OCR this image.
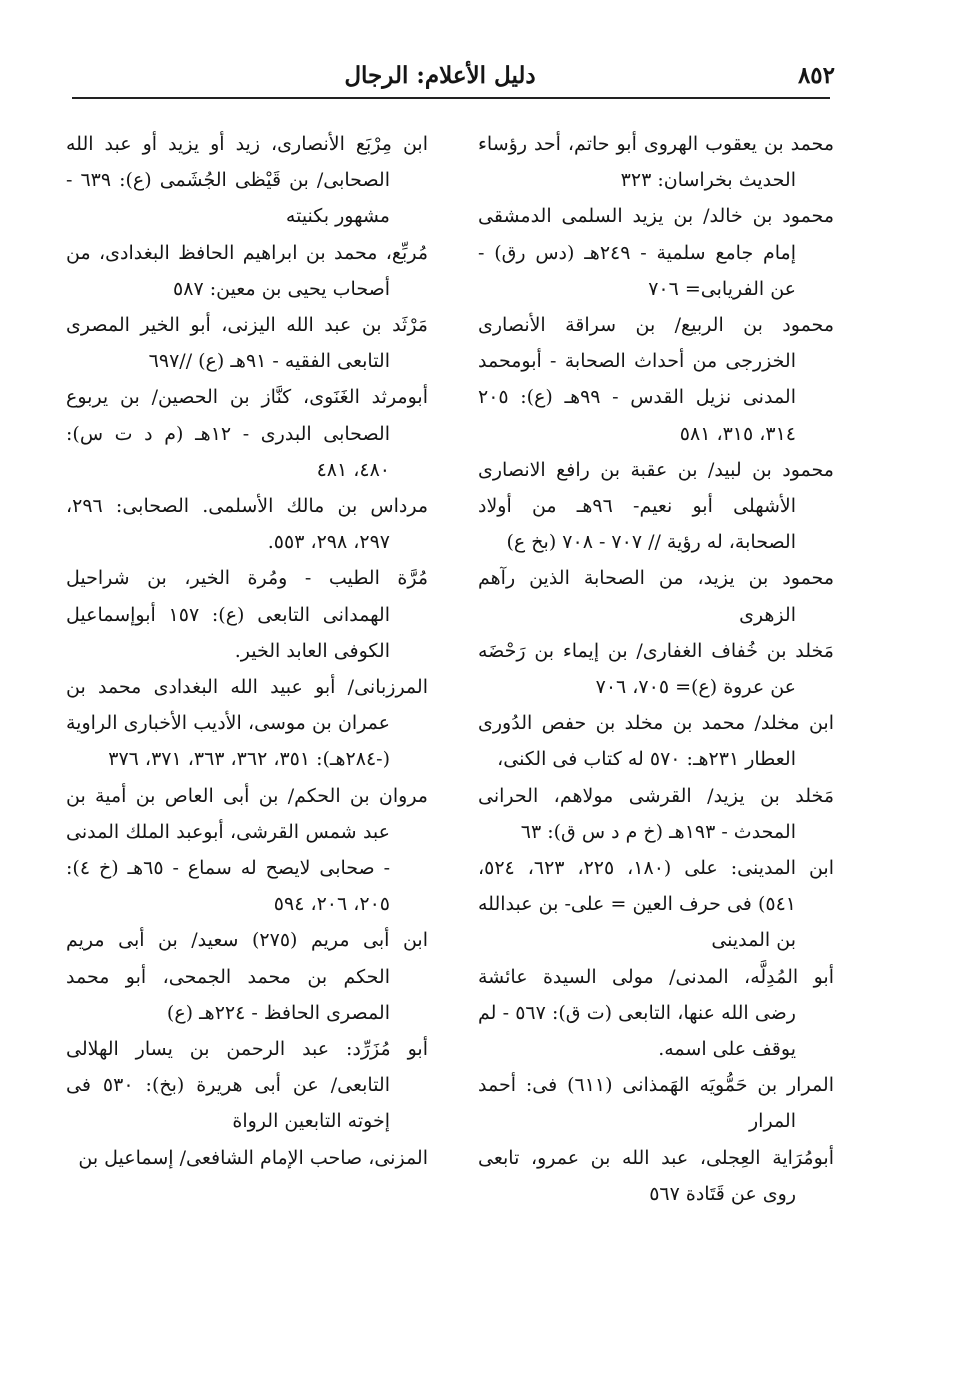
٨٥٢
دليل الأعلام: الرجال

محمد بن يعقوب الهروى أبو حاتم، أحد رؤساء الحديث بخراسان: ٣٢٣

محمود بن خالد/ بن يزيد السلمى الدمشقى إمام جامع سلمية - ٢٤٩هـ (دس رق) - عن الفريابى= ٧٠٦

محمود بن الربيع/ بن سراقة الأنصارى الخزرجى من أحداث الصحابة - أبومحمد المدنى نزيل القدس - ٩٩هـ (ع): ٢٠٥ ٣١٤، ٣١٥، ٥٨١

محمود بن لبيد/ بن عقبة بن رافع الانصارى الأشهلى أبو نعيم- ٩٦هـ من أولاد الصحابة، له رؤية // ٧٠٧ - ٧٠٨ (بخ ع)

محمود بن يزيد، من الصحابة الذين رآهم الزهرى

مَخلد بن خُفاف الغفارى/ بن إيماء بن رَحْضَه عن عروة (ع)= ٧٠٥، ٧٠٦

ابن مخلد/ محمد بن مخلد بن حفص الدُورى العطار ٢٣١هـ: ٥٧٠ له كتاب فى الكنى،

مَخلد بن يزيد/ القرشى مولاهم، الحرانى المحدث - ١٩٣هـ (خ م د س ق): ٦٣

ابن المدينى: على (١٨٠، ٢٢٥، ٦٢٣، ٥٢٤، ٥٤١) فى حرف العين = على- بن عبدالله بن المدينى

أبو المُدِلَّه، المدنى/ مولى السيدة عائشة رضى الله عنها، التابعى (ت ق): ٥٦٧ - لم يوقف على اسمه.

المرار بن حَمُّويَه الهَمذانى (٦١١) فى: أحمد المرار

أبومُرَاية العِجلى، عبد الله بن عمرو، تابعى روى عن قَتَادة ٥٦٧

ابن مِرْبَع الأنصارى، زيد أو يزيد أو عبد الله الصحابى/ بن قَيْظى الجُشَمى (ع): ٦٣٩ - مشهور بكنيته

مُربِّع، محمد بن ابراهيم الحافظ البغدادى، من أصحاب يحيى بن معين: ٥٨٧

مَرْثَد بن عبد الله اليزنى، أبو الخير المصرى التابعى الفقيه - ٩١هـ (ع) //٦٩٧

أبومرثد الغَنَوى، كنَّاز بن الحصين/ بن يربوع الصحابى البدرى - ١٢هـ (م د ت س): ٤٨٠، ٤٨١

مرداس بن مالك الأسلمى. الصحابى: ٢٩٦، ٢٩٧، ٢٩٨، ٥٥٣.

مُرَّة الطيب - ومُرة الخير، بن شراحيل الهمدانى التابعى (ع): ١٥٧ أبوإسماعيل الكوفى العابد الخير.

المرزبانى/ أبو عبيد الله البغدادى محمد بن عمران بن موسى، الأديب الأخبارى الراوية (-٢٨٤هـ): ٣٥١، ٣٦٢، ٣٦٣، ٣٧١، ٣٧٦

مروان بن الحكم/ بن أبى العاص بن أمية بن عبد شمس القرشى، أبوعبد الملك المدنى - صحابى لايصح له سماع - ٦٥هـ (خ ٤): ٢٠٥، ٢٠٦، ٥٩٤

ابن أبى مريم (٢٧٥) سعيد/ بن أبى مريم الحكم بن محمد الجمحى، أبو محمد المصرى الحافظ - ٢٢٤هـ (ع)

أبو مُزَرِّد: عبد الرحمن بن يسار الهلالى التابعى/ عن أبى هريرة (بخ): ٥٣٠ فى إخوته التابعين الرواة

المزنى، صاحب الإمام الشافعى/ إسماعيل بن
